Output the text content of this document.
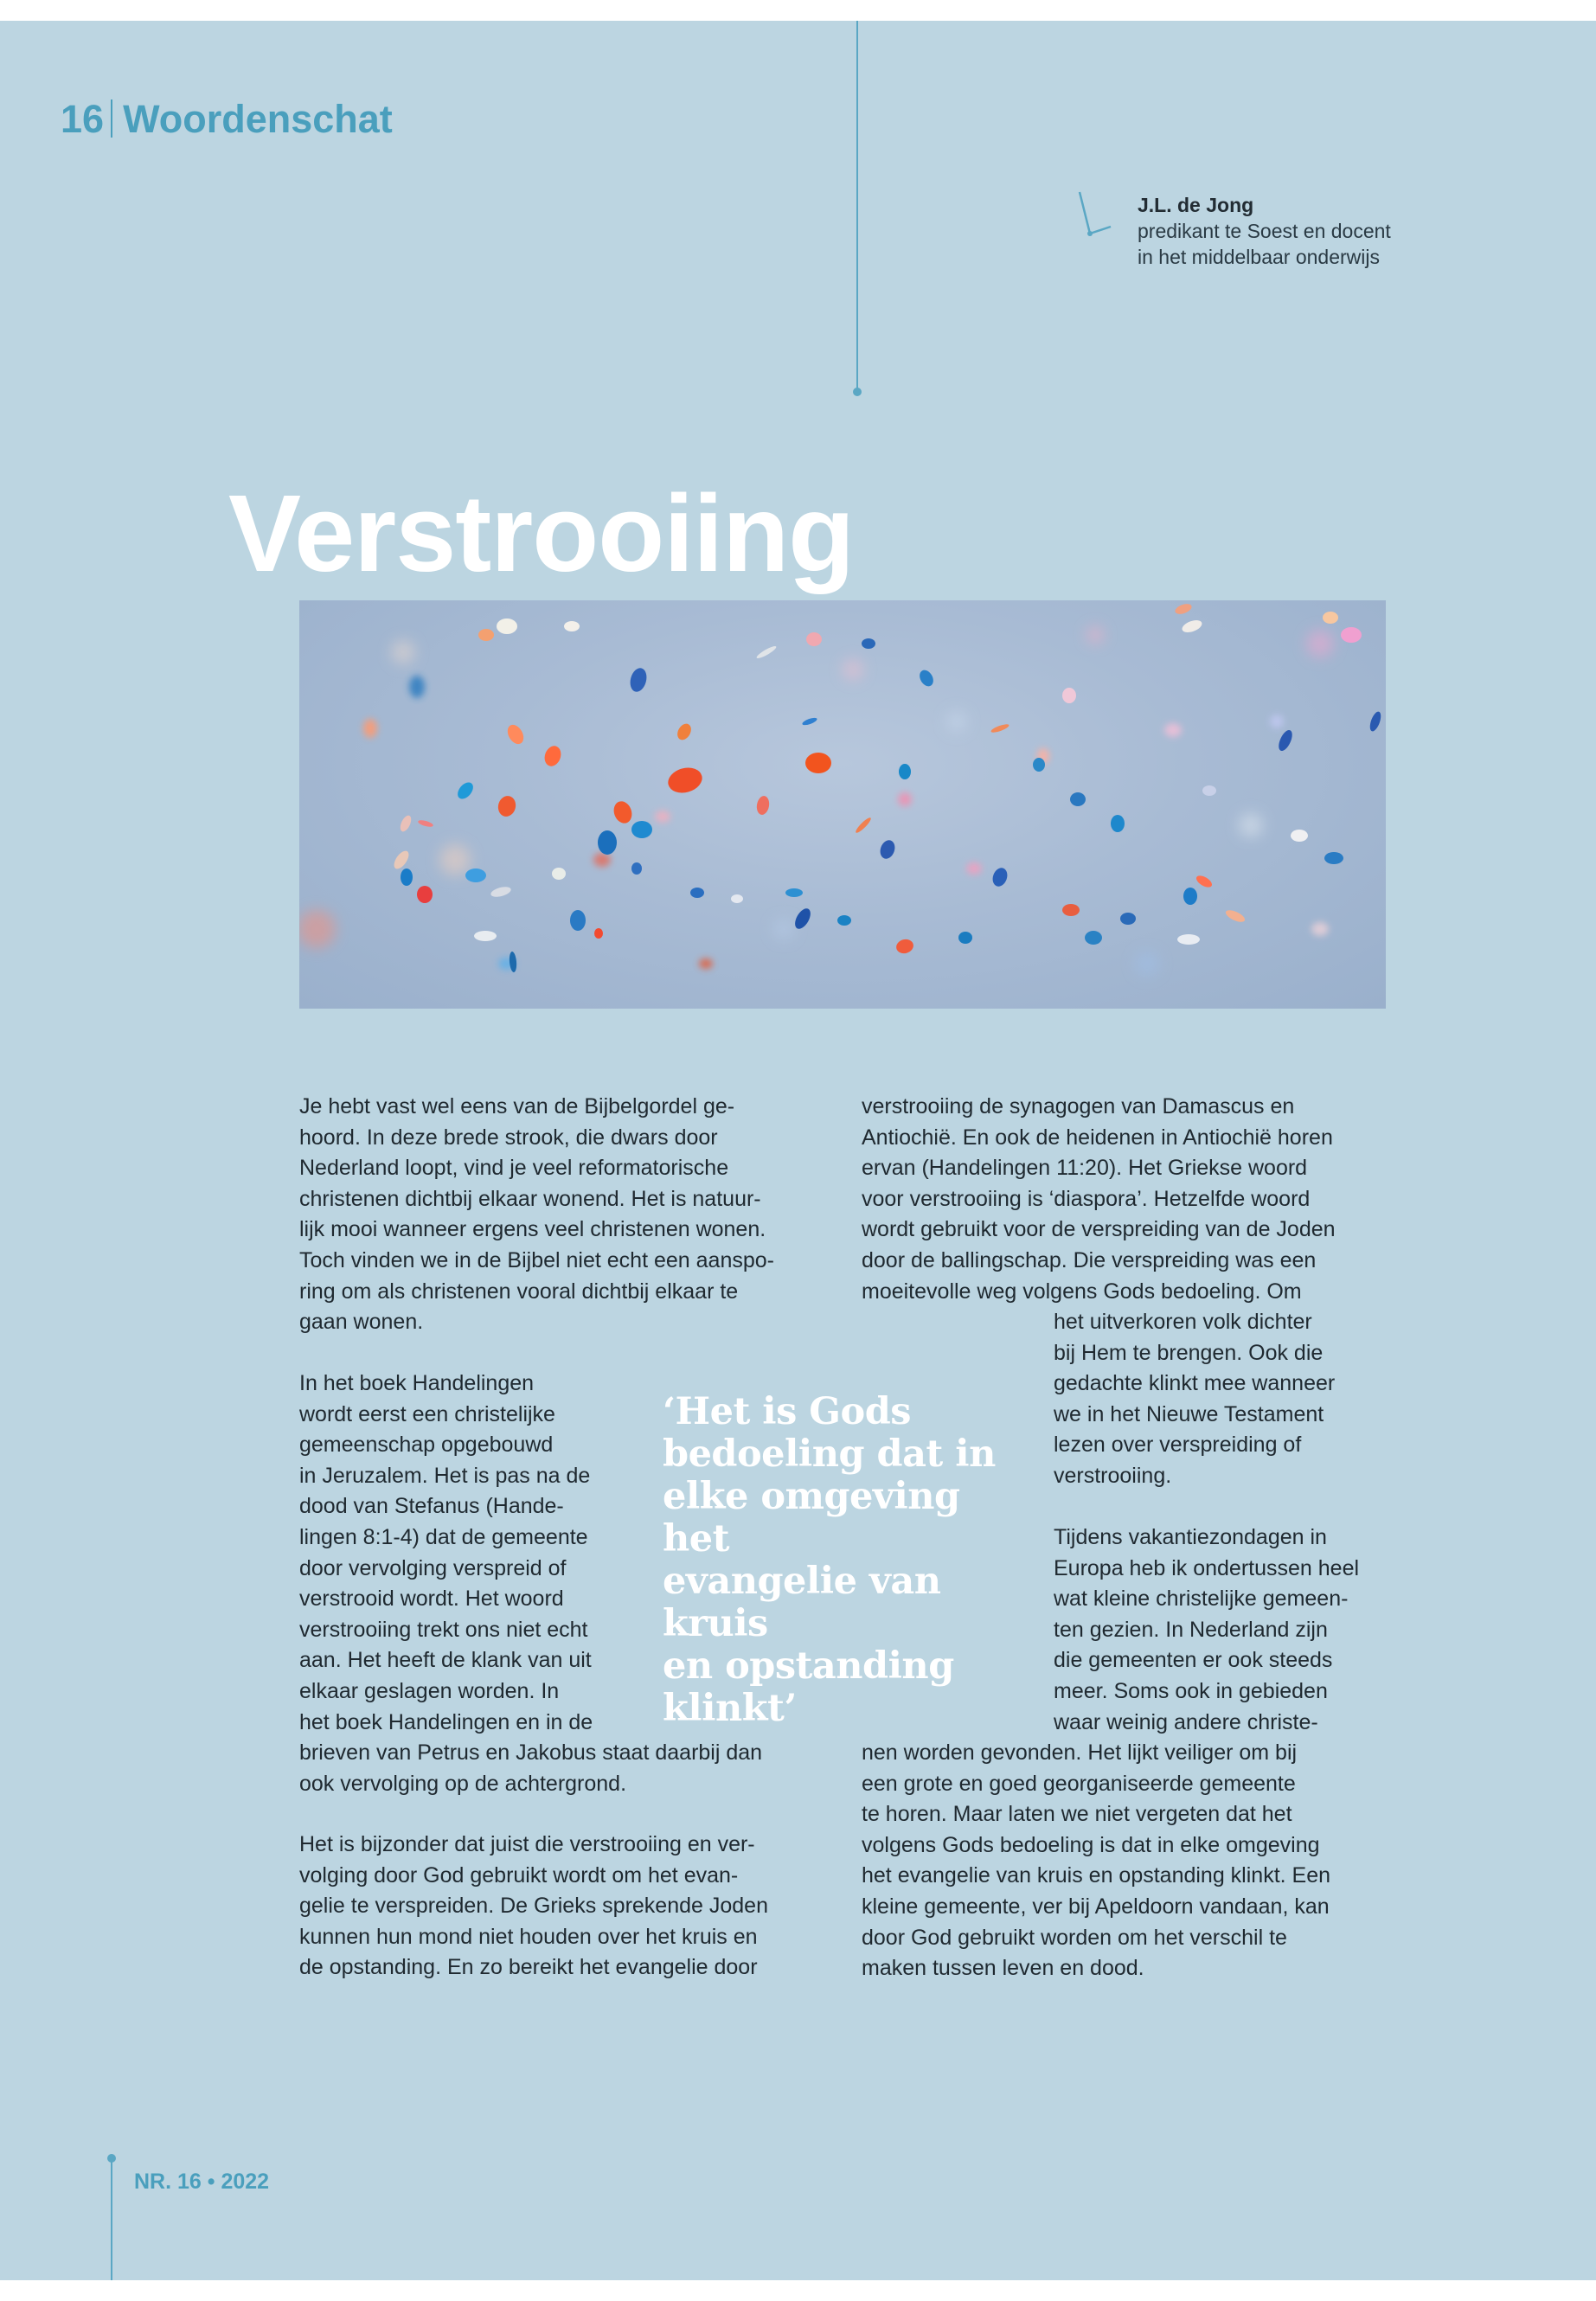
16 Woordenschat
J.L. de Jong
predikant te Soest en docent
in het middelbaar onderwijs
Verstrooiing

Je hebt vast wel eens van de Bijbelgordel ge-

hoord. In deze brede strook, die dwars door

Nederland loopt, vind je veel reformatorische

christenen dichtbij elkaar wonend. Het is natuur-

lijk mooi wanneer ergens veel christenen wonen.

Toch vinden we in de Bijbel niet echt een aanspo-

ring om als christenen vooral dichtbij elkaar te

gaan wonen.

In het boek Handelingen

wordt eerst een christelijke

gemeenschap opgebouwd

in Jeruzalem. Het is pas na de

dood van Stefanus (Hande-

lingen 8:1-4) dat de gemeente

door vervolging verspreid of

verstrooid wordt. Het woord

verstrooiing trekt ons niet echt

aan. Het heeft de klank van uit

elkaar geslagen worden. In

het boek Handelingen en in de

brieven van Petrus en Jakobus staat daarbij dan

ook vervolging op de achtergrond.

Het is bijzonder dat juist die verstrooiing en ver-

volging door God gebruikt wordt om het evan-

gelie te verspreiden. De Grieks sprekende Joden

kunnen hun mond niet houden over het kruis en

de opstanding. En zo bereikt het evangelie door

‘Het is Gods
bedoeling dat in
elke omgeving het
evangelie van kruis
en opstanding
klinkt’

verstrooiing de synagogen van Damascus en

Antiochië. En ook de heidenen in Antiochië horen

ervan (Handelingen 11:20). Het Griekse woord

voor verstrooiing is ‘diaspora’. Hetzelfde woord

wordt gebruikt voor de verspreiding van de Joden

door de ballingschap. Die verspreiding was een

moeitevolle weg volgens Gods bedoeling. Om

het uitverkoren volk dichter

bij Hem te brengen. Ook die

gedachte klinkt mee wanneer

we in het Nieuwe Testament

lezen over verspreiding of

verstrooiing.

Tijdens vakantiezondagen in

Europa heb ik ondertussen heel

wat kleine christelijke gemeen-

ten gezien. In Nederland zijn

die gemeenten er ook steeds

meer. Soms ook in gebieden

waar weinig andere christe-

nen worden gevonden. Het lijkt veiliger om bij

een grote en goed georganiseerde gemeente

te horen. Maar laten we niet vergeten dat het

volgens Gods bedoeling is dat in elke omgeving

het evangelie van kruis en opstanding klinkt. Een

kleine gemeente, ver bij Apeldoorn vandaan, kan

door God gebruikt worden om het verschil te

maken tussen leven en dood.

NR. 16 • 2022
